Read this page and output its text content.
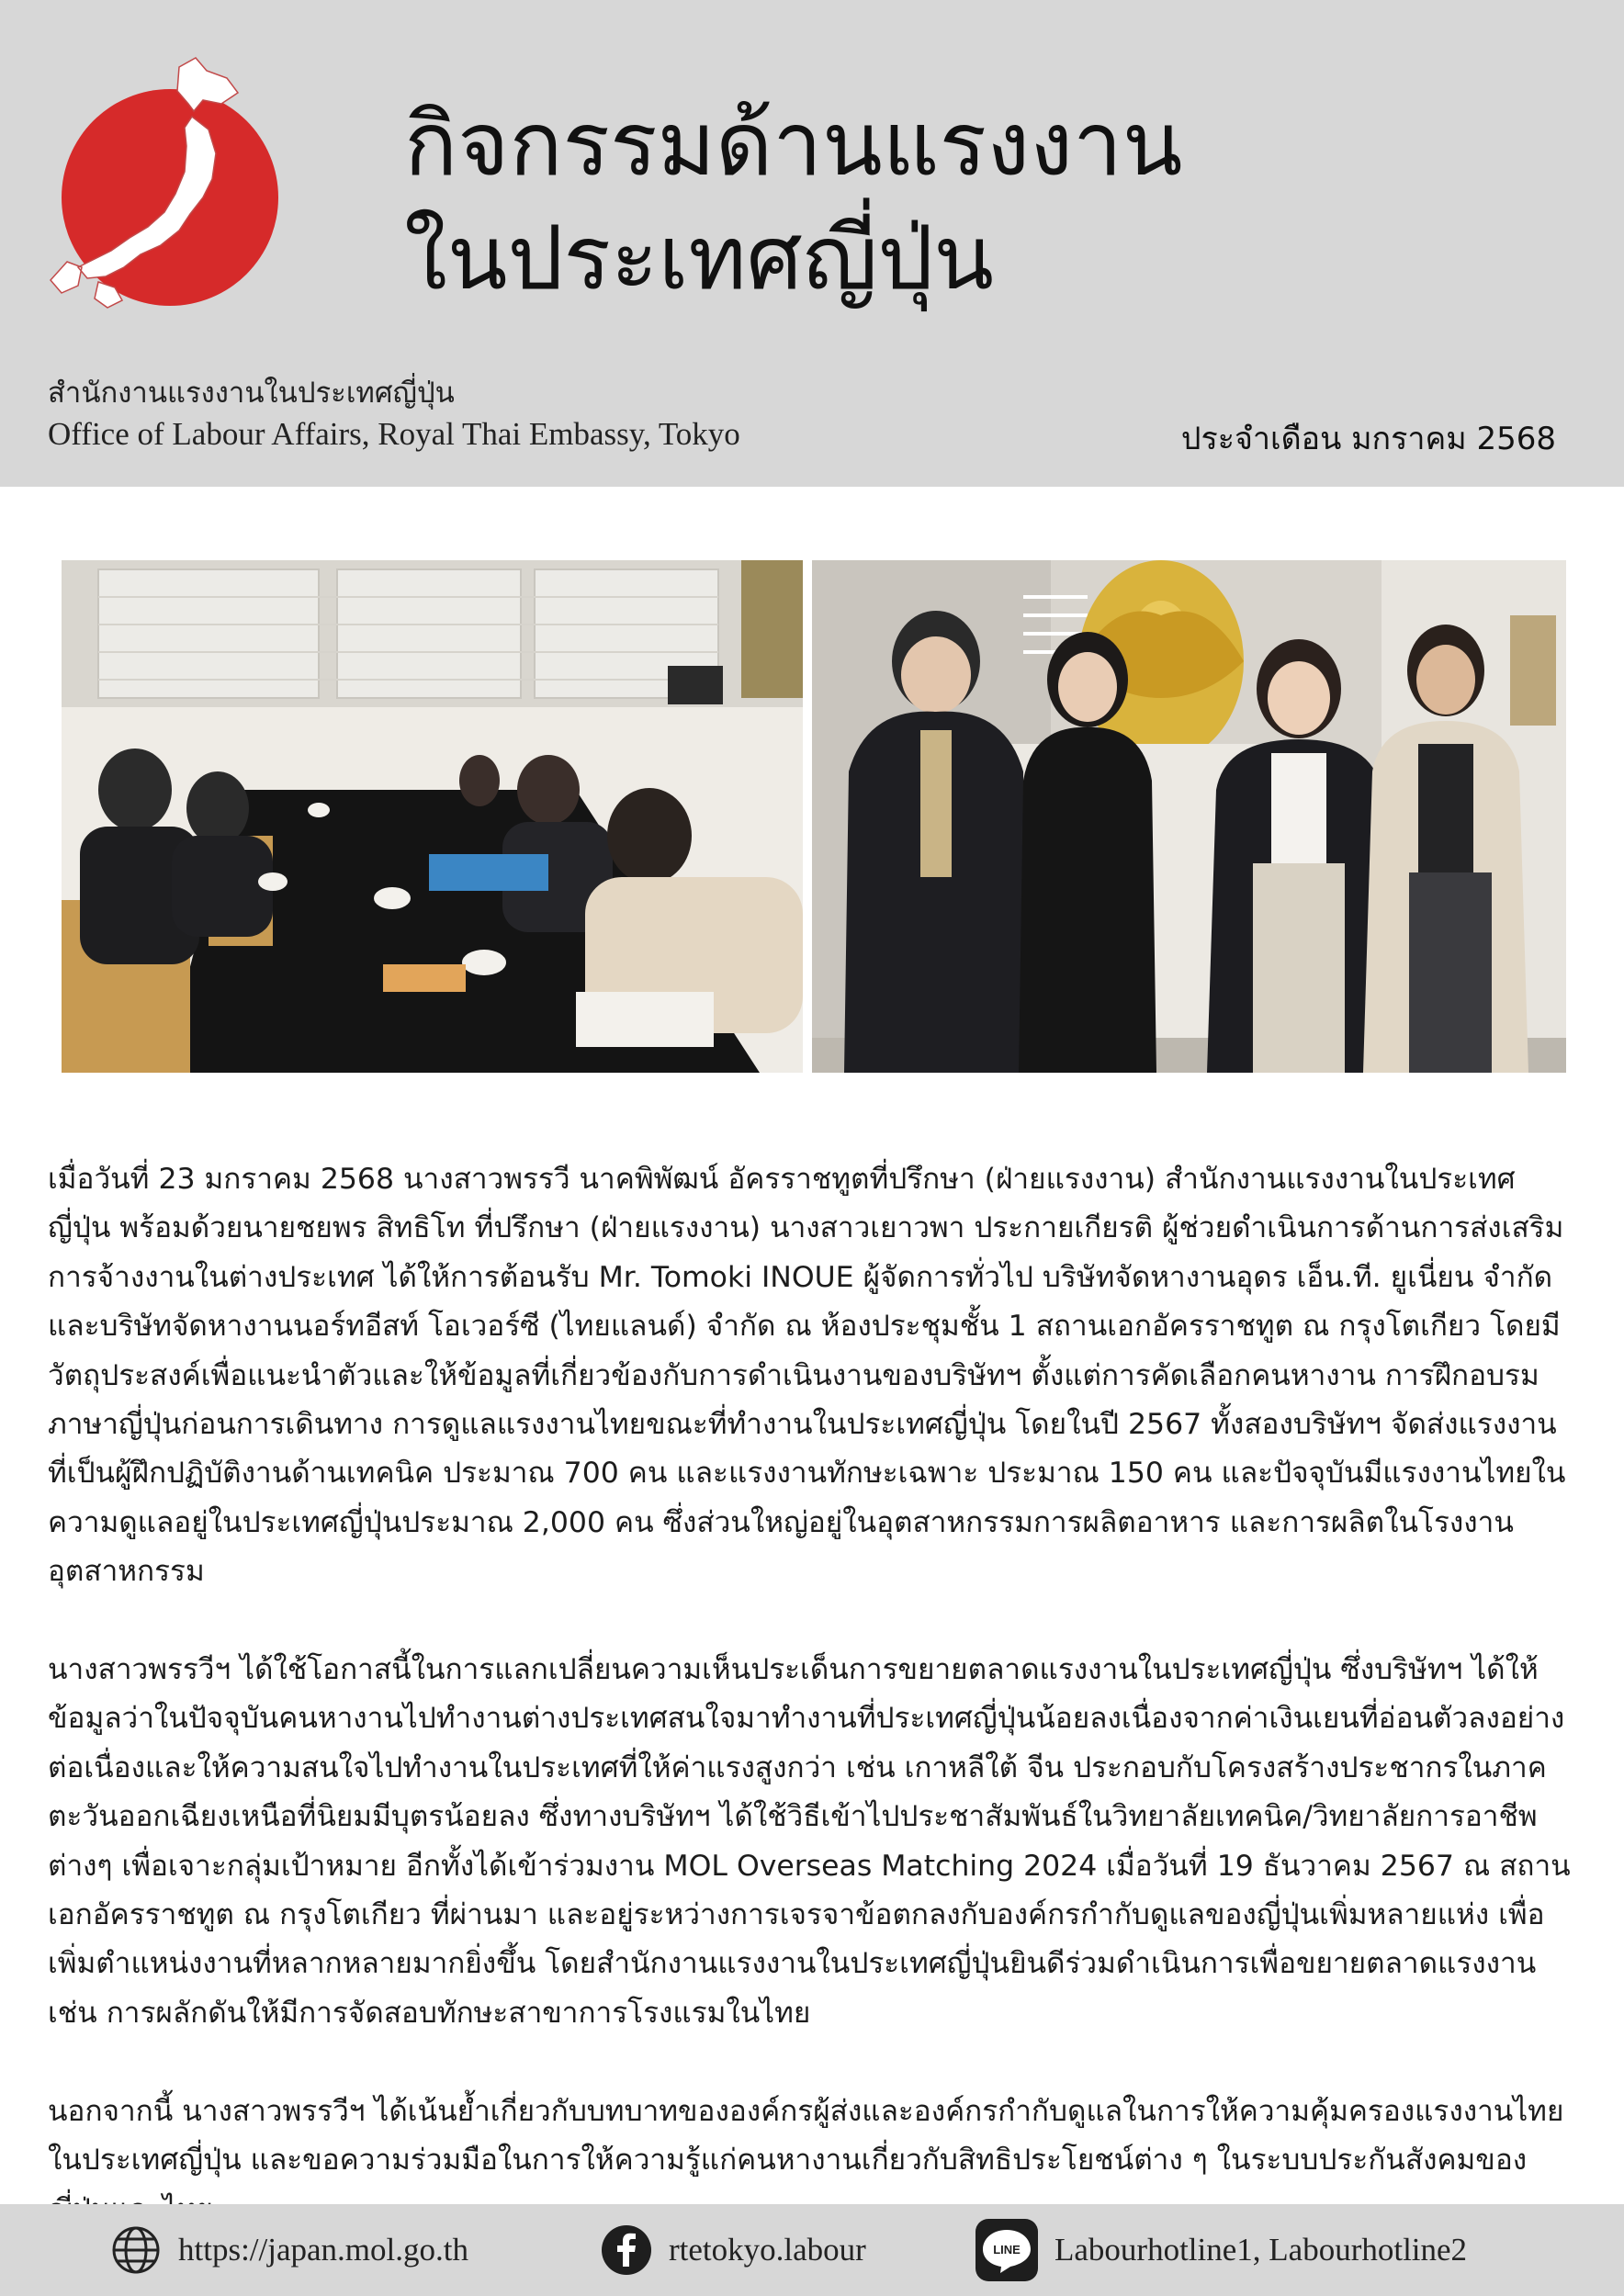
กิจกรรมด้านแรงงาน
ในประเทศญี่ปุ่น
สำนักงานแรงงานในประเทศญี่ปุ่น
Office of Labour Affairs, Royal Thai Embassy, Tokyo	ประจำเดือน มกราคม 2568

เมื่อวันที่ 23 มกราคม 2568 นางสาวพรรวี นาคพิพัฒน์ อัครราชทูตที่ปรึกษา (ฝ่ายแรงงาน) สำนักงานแรงงานในประเทศญี่ปุ่น พร้อมด้วยนายชยพร สิทธิโท ที่ปรึกษา (ฝ่ายแรงงาน) นางสาวเยาวพา ประกายเกียรติ ผู้ช่วยดำเนินการด้านการส่งเสริมการจ้างงานในต่างประเทศ ได้ให้การต้อนรับ Mr. Tomoki INOUE ผู้จัดการทั่วไป บริษัทจัดหางานอุดร เอ็น.ที. ยูเนี่ยน จำกัด และบริษัทจัดหางานนอร์ทอีสท์ โอเวอร์ซี (ไทยแลนด์) จำกัด ณ ห้องประชุมชั้น 1 สถานเอกอัครราชทูต ณ กรุงโตเกียว โดยมีวัตถุประสงค์เพื่อแนะนำตัวและให้ข้อมูลที่เกี่ยวข้องกับการดำเนินงานของบริษัทฯ ตั้งแต่การคัดเลือกคนหางาน การฝึกอบรมภาษาญี่ปุ่นก่อนการเดินทาง การดูแลแรงงานไทยขณะที่ทำงานในประเทศญี่ปุ่น โดยในปี 2567 ทั้งสองบริษัทฯ จัดส่งแรงงานที่เป็นผู้ฝึกปฏิบัติงานด้านเทคนิค ประมาณ 700 คน และแรงงานทักษะเฉพาะ ประมาณ 150 คน และปัจจุบันมีแรงงานไทยในความดูแลอยู่ในประเทศญี่ปุ่นประมาณ 2,000 คน ซึ่งส่วนใหญ่อยู่ในอุตสาหกรรมการผลิตอาหาร และการผลิตในโรงงานอุตสาหกรรม

นางสาวพรรวีฯ ได้ใช้โอกาสนี้ในการแลกเปลี่ยนความเห็นประเด็นการขยายตลาดแรงงานในประเทศญี่ปุ่น ซึ่งบริษัทฯ ได้ให้ข้อมูลว่าในปัจจุบันคนหางานไปทำงานต่างประเทศสนใจมาทำงานที่ประเทศญี่ปุ่นน้อยลงเนื่องจากค่าเงินเยนที่อ่อนตัวลงอย่างต่อเนื่องและให้ความสนใจไปทำงานในประเทศที่ให้ค่าแรงสูงกว่า เช่น เกาหลีใต้ จีน ประกอบกับโครงสร้างประชากรในภาคตะวันออกเฉียงเหนือที่นิยมมีบุตรน้อยลง ซึ่งทางบริษัทฯ ได้ใช้วิธีเข้าไปประชาสัมพันธ์ในวิทยาลัยเทคนิค/วิทยาลัยการอาชีพต่างๆ เพื่อเจาะกลุ่มเป้าหมาย อีกทั้งได้เข้าร่วมงาน MOL Overseas Matching 2024 เมื่อวันที่ 19 ธันวาคม 2567 ณ สถานเอกอัครราชทูต ณ กรุงโตเกียว ที่ผ่านมา และอยู่ระหว่างการเจรจาข้อตกลงกับองค์กรกำกับดูแลของญี่ปุ่นเพิ่มหลายแห่ง เพื่อเพิ่มตำแหน่งงานที่หลากหลายมากยิ่งขึ้น โดยสำนักงานแรงงานในประเทศญี่ปุ่นยินดีร่วมดำเนินการเพื่อขยายตลาดแรงงาน เช่น การผลักดันให้มีการจัดสอบทักษะสาขาการโรงแรมในไทย

นอกจากนี้ นางสาวพรรวีฯ ได้เน้นย้ำเกี่ยวกับบทบาทขององค์กรผู้ส่งและองค์กรกำกับดูแลในการให้ความคุ้มครองแรงงานไทยในประเทศญี่ปุ่น และขอความร่วมมือในการให้ความรู้แก่คนหางานเกี่ยวกับสิทธิประโยชน์ต่าง ๆ ในระบบประกันสังคมของ

https://japan.mol.go.th	rtetokyo.labour	LINE Labourhotline1, Labourhotline2
